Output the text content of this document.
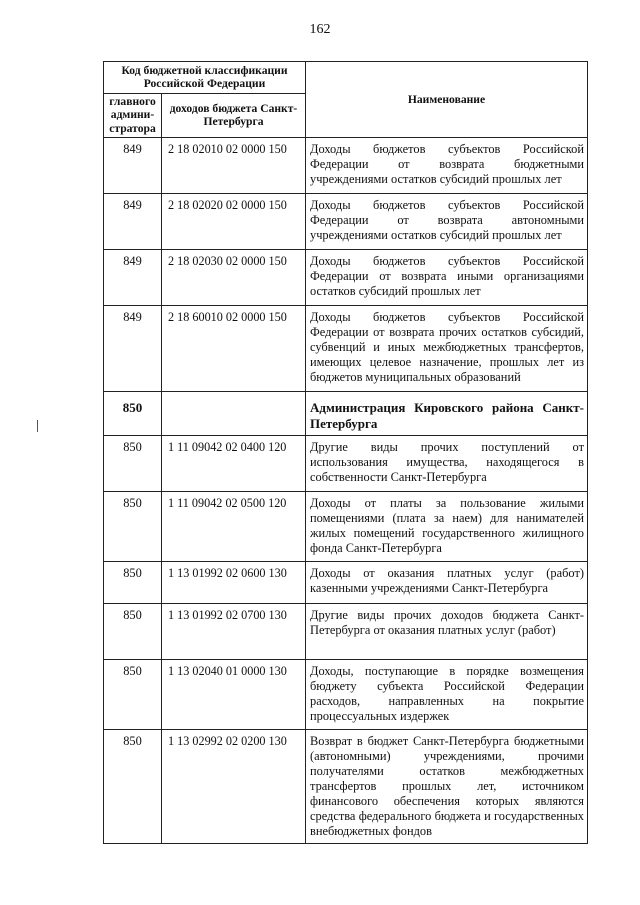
162
Код бюджетной классификации Российской Федерации		Наименование
главного админи-стратора	доходов бюджета Санкт-Петербурга	
849	2 18 02010 02 0000 150	Доходы бюджетов субъектов Российской Федерации от возврата бюджетными учреждениями остатков субсидий прошлых лет
849	2 18 02020 02 0000 150	Доходы бюджетов субъектов Российской Федерации от возврата автономными учреждениями остатков субсидий прошлых лет
849	2 18 02030 02 0000 150	Доходы бюджетов субъектов Российской Федерации от возврата иными организациями остатков субсидий прошлых лет
849	2 18 60010 02 0000 150	Доходы бюджетов субъектов Российской Федерации от возврата прочих остатков субсидий, субвенций и иных межбюджетных трансфертов, имеющих целевое назначение, прошлых лет из бюджетов муниципальных образований
850		Администрация Кировского района Санкт-Петербурга
850	1 11 09042 02 0400 120	Другие виды прочих поступлений от использования имущества, находящегося в собственности Санкт-Петербурга
850	1 11 09042 02 0500 120	Доходы от платы за пользование жилыми помещениями (плата за наем) для нанимателей жилых помещений государственного жилищного фонда Санкт-Петербурга
850	1 13 01992 02 0600 130	Доходы от оказания платных услуг (работ) казенными учреждениями Санкт-Петербурга
850	1 13 01992 02 0700 130	Другие виды прочих доходов бюджета Санкт-Петербурга от оказания платных услуг (работ)
850	1 13 02040 01 0000 130	Доходы, поступающие в порядке возмещения бюджету субъекта Российской Федерации расходов, направленных на покрытие процессуальных издержек
850	1 13 02992 02 0200 130	Возврат в бюджет Санкт-Петербурга бюджетными (автономными) учреждениями, прочими получателями остатков межбюджетных трансфертов прошлых лет, источником финансового обеспечения которых являются средства федерального бюджета и государственных внебюджетных фондов
